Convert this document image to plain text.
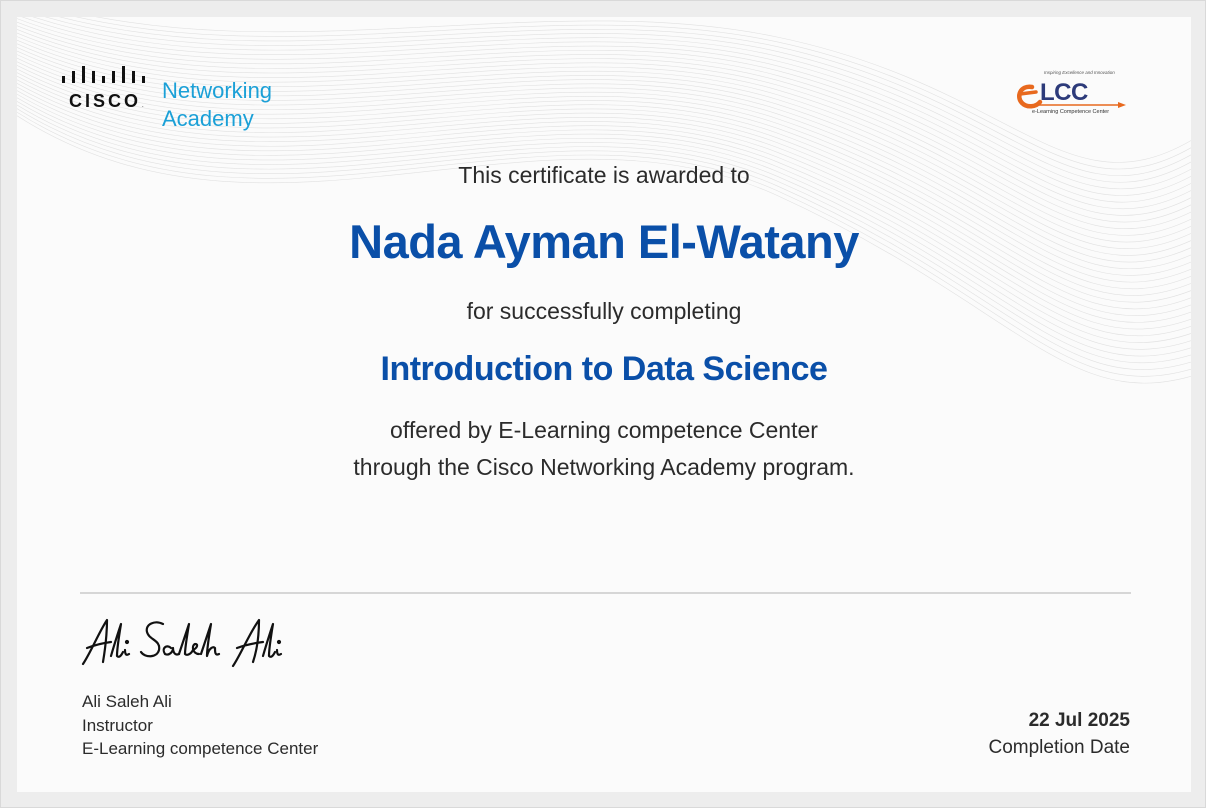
CISCO .
Networking
Academy
Inspiring Excellence and Innovation
LCC
e-Learning Competence Center
This certificate is awarded to
Nada Ayman El-Watany
for successfully completing
Introduction to Data Science
offered by E-Learning competence Center
through the Cisco Networking Academy program.
Ali Saleh Ali
Instructor
E-Learning competence Center
22 Jul 2025
Completion Date
